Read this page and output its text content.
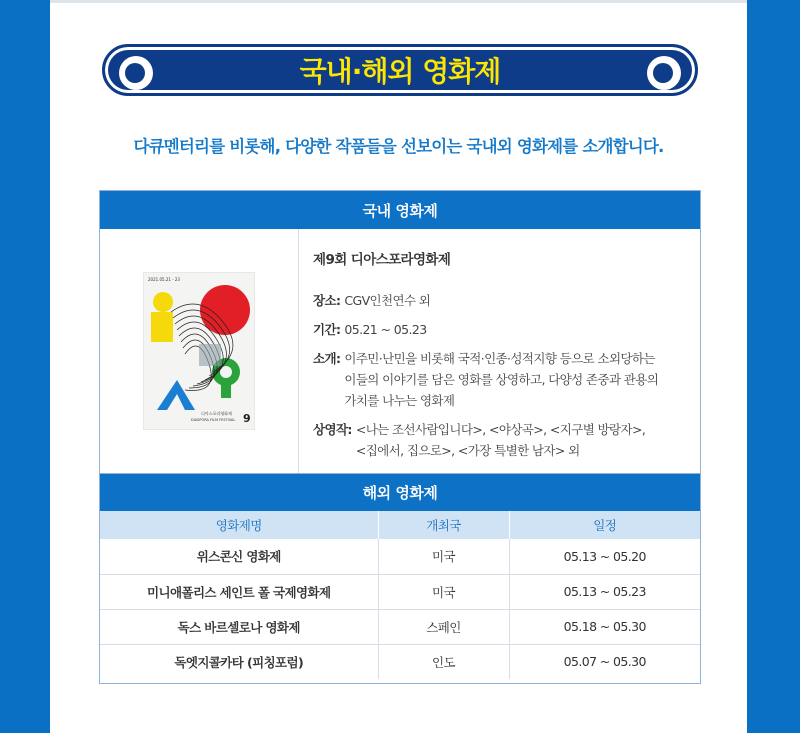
국내·해외 영화제
다큐멘터리를 비롯해, 다양한 작품들을 선보이는 국내외 영화제를 소개합니다.
국내 영화제
2021.05.21 - 23
디아스포라영화제
DIASPORA FILM FESTIVAL 9
제9회 디아스포라영화제
장소: CGV인천연수 외
기간: 05.21 ~ 05.23
소개: 이주민·난민을 비롯해 국적·인종·성적지향 등으로 소외당하는
이들의 이야기를 담은 영화를 상영하고, 다양성 존중과 관용의
가치를 나누는 영화제
상영작: <나는 조선사람입니다>, <야상곡>, <지구별 방랑자>,
<집에서, 집으로>, <가장 특별한 남자> 외
해외 영화제
영화제명	개최국	일정
위스콘신 영화제	미국	05.13 ~ 05.20
미니애폴리스 세인트 폴 국제영화제	미국	05.13 ~ 05.23
독스 바르셀로나 영화제	스페인	05.18 ~ 05.30
독엣지콜카타 (피칭포럼)	인도	05.07 ~ 05.30
